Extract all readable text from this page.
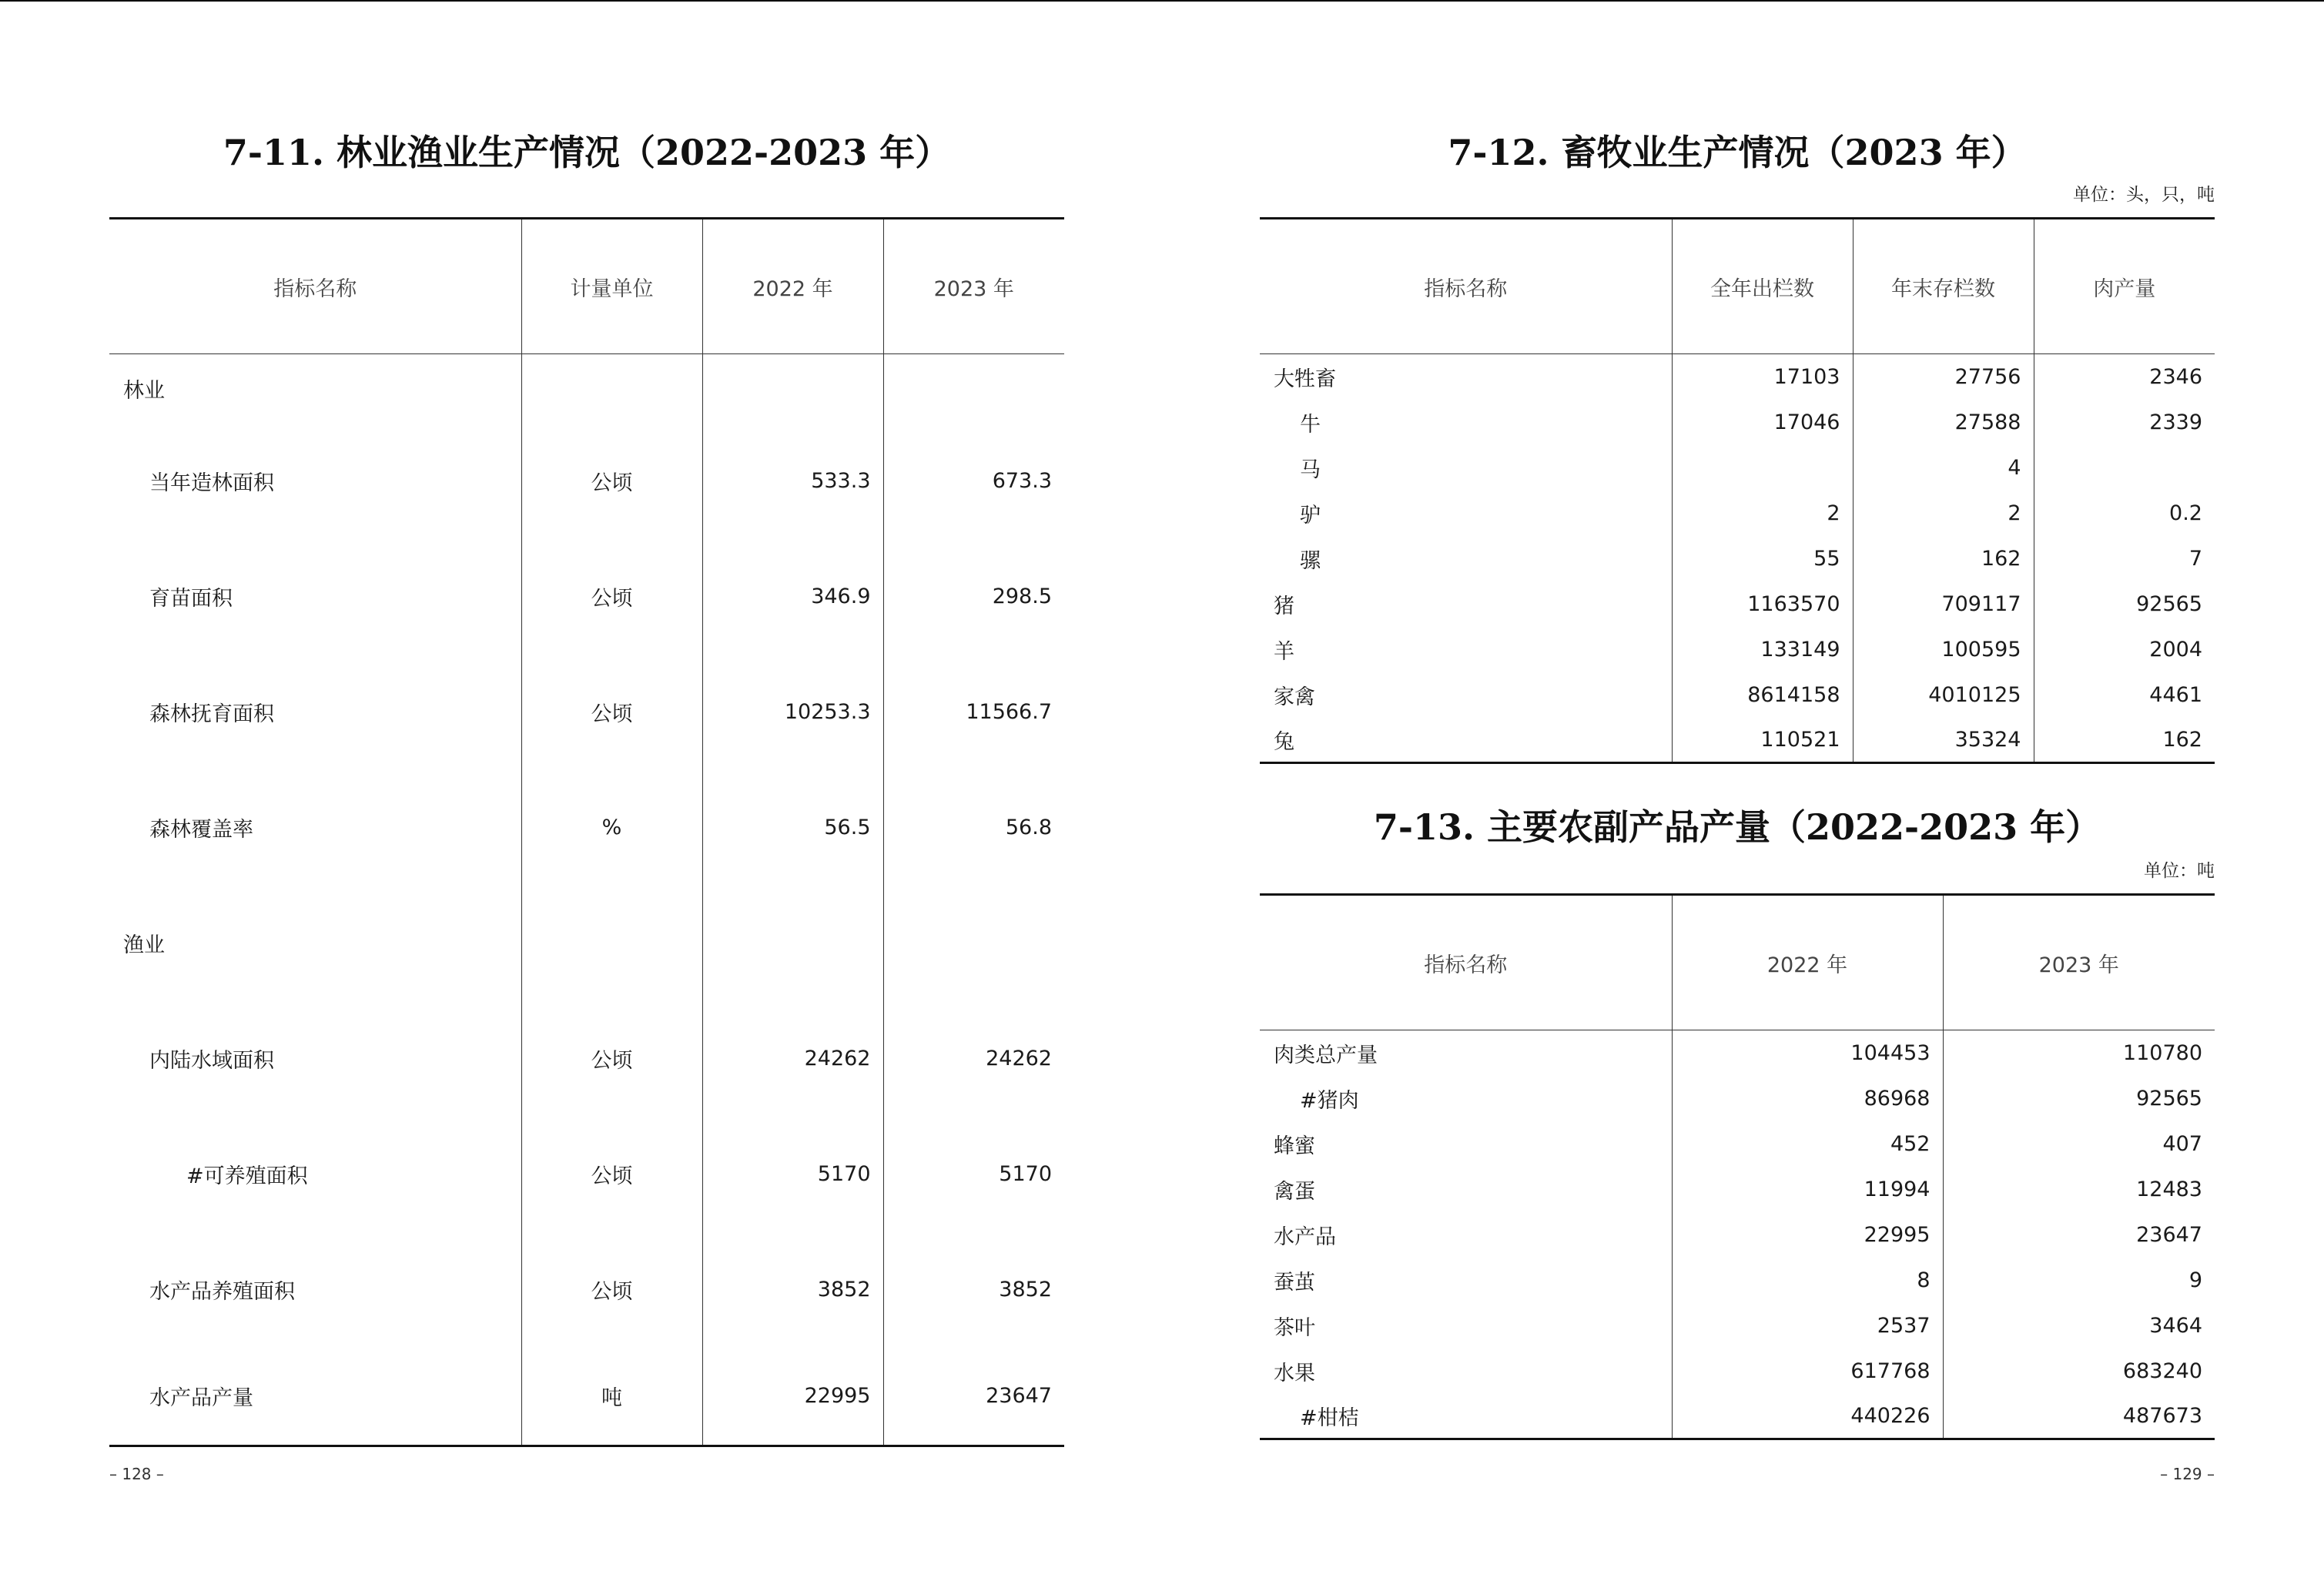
7-11. 林业渔业生产情况（2022-2023 年）
指标名称	计量单位	2022 年	2023 年
林业			
当年造林面积	公顷	533.3	673.3
育苗面积	公顷	346.9	298.5
森林抚育面积	公顷	10253.3	11566.7
森林覆盖率	%	56.5	56.8
渔业			
内陆水域面积	公顷	24262	24262
#可养殖面积	公顷	5170	5170
水产品养殖面积	公顷	3852	3852
水产品产量	吨	22995	23647
– 128 –
7-12. 畜牧业生产情况（2023 年）
单位：头，只，吨
指标名称	全年出栏数	年末存栏数	肉产量
大牲畜	17103	27756	2346
牛	17046	27588	2339
马		4	
驴	2	2	0.2
骡	55	162	7
猪	1163570	709117	92565
羊	133149	100595	2004
家禽	8614158	4010125	4461
兔	110521	35324	162
7-13. 主要农副产品产量（2022-2023 年）
单位：吨
指标名称	2022 年	2023 年
肉类总产量	104453	110780
#猪肉	86968	92565
蜂蜜	452	407
禽蛋	11994	12483
水产品	22995	23647
蚕茧	8	9
茶叶	2537	3464
水果	617768	683240
#柑桔	440226	487673
– 129 –
